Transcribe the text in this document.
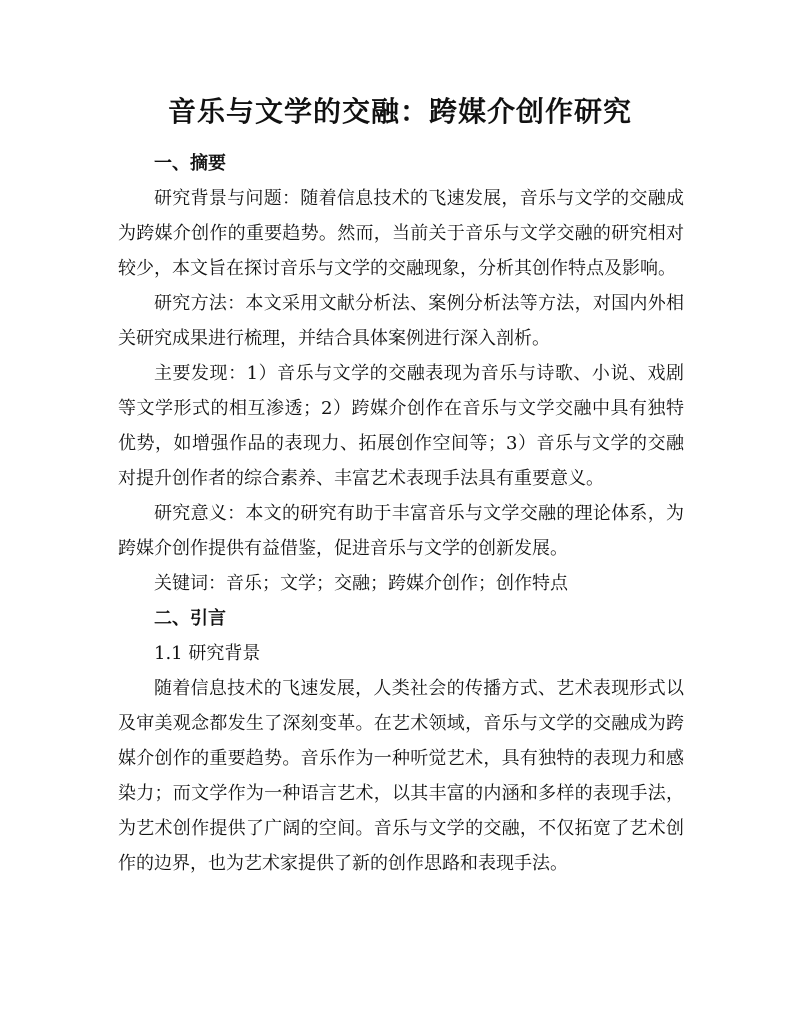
音乐与文学的交融：跨媒介创作研究

一、摘要

研究背景与问题：随着信息技术的飞速发展，音乐与文学的交融成为跨媒介创作的重要趋势。然而，当前关于音乐与文学交融的研究相对较少，本文旨在探讨音乐与文学的交融现象，分析其创作特点及影响。

研究方法：本文采用文献分析法、案例分析法等方法，对国内外相关研究成果进行梳理，并结合具体案例进行深入剖析。

主要发现：1）音乐与文学的交融表现为音乐与诗歌、小说、戏剧等文学形式的相互渗透；2）跨媒介创作在音乐与文学交融中具有独特优势，如增强作品的表现力、拓展创作空间等；3）音乐与文学的交融对提升创作者的综合素养、丰富艺术表现手法具有重要意义。

研究意义：本文的研究有助于丰富音乐与文学交融的理论体系，为跨媒介创作提供有益借鉴，促进音乐与文学的创新发展。

关键词：音乐；文学；交融；跨媒介创作；创作特点

二、引言

1.1 研究背景

随着信息技术的飞速发展，人类社会的传播方式、艺术表现形式以及审美观念都发生了深刻变革。在艺术领域，音乐与文学的交融成为跨媒介创作的重要趋势。音乐作为一种听觉艺术，具有独特的表现力和感染力；而文学作为一种语言艺术，以其丰富的内涵和多样的表现手法，为艺术创作提供了广阔的空间。音乐与文学的交融，不仅拓宽了艺术创作的边界，也为艺术家提供了新的创作思路和表现手法。
